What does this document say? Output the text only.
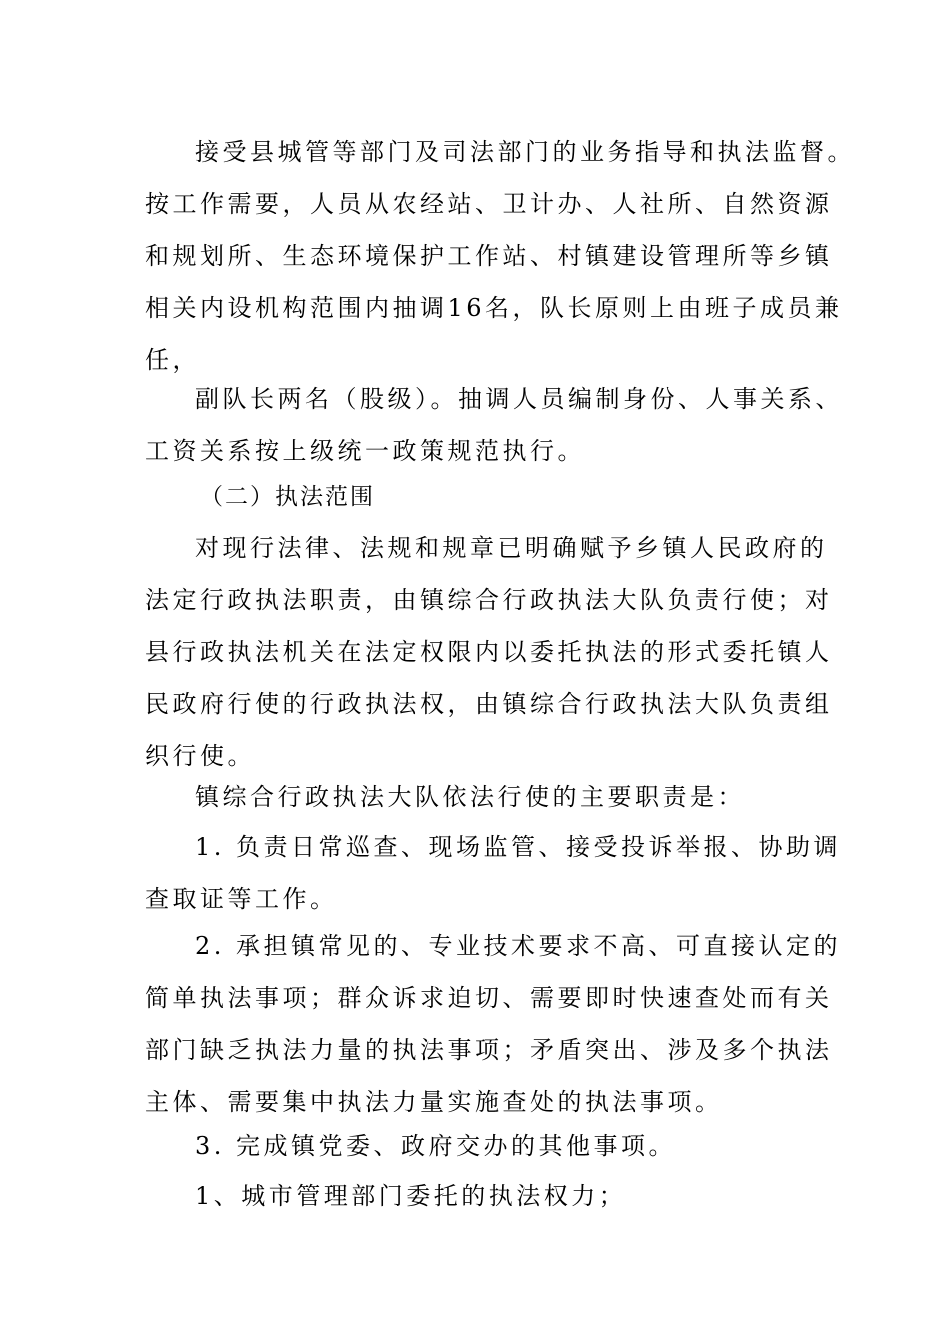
接受县城管等部门及司法部门的业务指导和执法监督。
按工作需要，人员从农经站、卫计办、人社所、自然资源
和规划所、生态环境保护工作站、村镇建设管理所等乡镇
相关内设机构范围内抽调16名，队长原则上由班子成员兼
任，
副队长两名（股级）。抽调人员编制身份、人事关系、
工资关系按上级统一政策规范执行。
（二）执法范围
对现行法律、法规和规章已明确赋予乡镇人民政府的
法定行政执法职责，由镇综合行政执法大队负责行使；对
县行政执法机关在法定权限内以委托执法的形式委托镇人
民政府行使的行政执法权，由镇综合行政执法大队负责组
织行使。
镇综合行政执法大队依法行使的主要职责是：
1. 负责日常巡查、现场监管、接受投诉举报、协助调
查取证等工作。
2. 承担镇常见的、专业技术要求不高、可直接认定的
简单执法事项；群众诉求迫切、需要即时快速查处而有关
部门缺乏执法力量的执法事项；矛盾突出、涉及多个执法
主体、需要集中执法力量实施查处的执法事项。
3. 完成镇党委、政府交办的其他事项。
1、城市管理部门委托的执法权力；
